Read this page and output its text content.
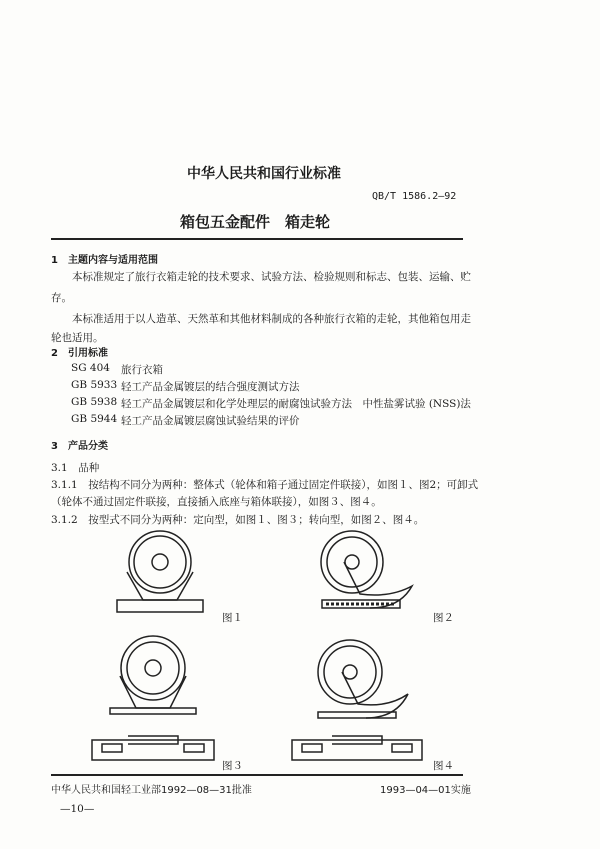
中华人民共和国行业标准
QB/T 1586.2—92
箱包五金配件　箱走轮
1　主题内容与适用范围
本标准规定了旅行衣箱走轮的技术要求、试验方法、检验规则和标志、包装、运输、贮
存。
本标准适用于以人造革、天然革和其他材料制成的各种旅行衣箱的走轮，其他箱包用走
轮也适用。
2　引用标准
SG 404 旅行衣箱
GB 5933 轻工产品金属镀层的结合强度测试方法
GB 5938 轻工产品金属镀层和化学处理层的耐腐蚀试验方法　中性盐雾试验 (NSS)法
GB 5944 轻工产品金属镀层腐蚀试验结果的评价
3　产品分类
3.1　品种
3.1.1　按结构不同分为两种：整体式（轮体和箱子通过固定件联接），如图１、图2；可卸式
（轮体不通过固定件联接，直接插入底座与箱体联接），如图３、图４。
3.1.2　按型式不同分为两种：定向型，如图１、图３；转向型，如图２、图４。
图１	图２
图３	图４
中华人民共和国轻工业部1992—08—31批准	1993—04—01实施
—10—
